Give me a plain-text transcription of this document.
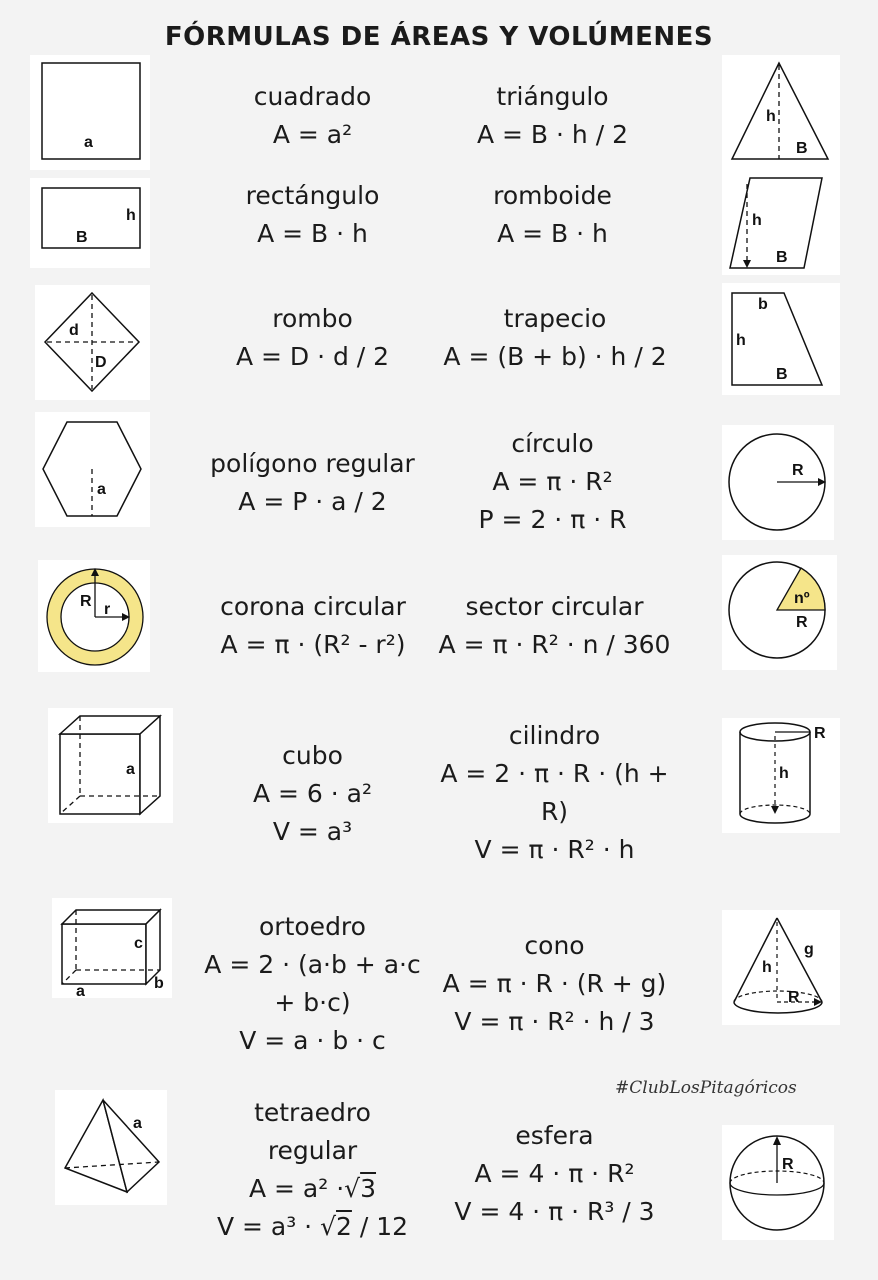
FÓRMULAS DE ÁREAS Y VOLÚMENES
a
cuadrado
A = a²
triángulo
A = B · h / 2
h
B
B
h
rectángulo
A = B · h
romboide
A = B · h	h
B
d
D
rombo
A = D · d / 2
trapecio
A = (B + b) · h / 2
b
h
B
a
polígono regular
A = P · a / 2
círculo
A = π · R²
P = 2 · π · R
R
R r	corona circular
A = π · (R² - r²)
sector circular
A = π · R² · n / 360
nº
R
a	cubo
A = 6 · a²
V = a³
cilindro
A = 2 · π · R · (h +
R)
V = π · R² · h
R
h
c
a	b
ortoedro
A = 2 · (a·b + a·c
+ b·c)
V = a · b · c
cono
A = π · R · (R + g)
V = π · R² · h / 3
h
g
R
#ClubLosPitagóricos
a	tetraedro
regular
A = a² ·√3
V = a³ · √2 / 12
esfera
A = 4 · π · R²
V = 4 · π · R³ / 3
R
